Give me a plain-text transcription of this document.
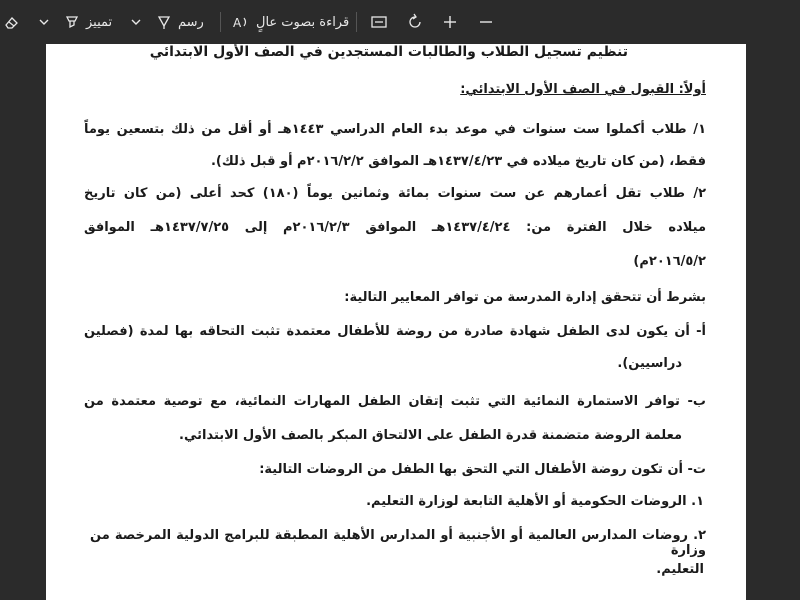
تمييز	رسم A قراءة بصوت عالٍ
تنظيم تسجيل الطلاب والطالبات المستجدين في الصف الأول الابتدائي
أولاً: القبول في الصف الأول الابتدائي:
١/ طلاب أكملوا ست سنوات في موعد بدء العام الدراسي ١٤٤٣هـ أو أقل من ذلك بتسعين يوماً
فقط، (من كان تاريخ ميلاده في ١٤٣٧/٤/٢٣هـ الموافق ٢٠١٦/٢/٢م أو قبل ذلك).
٢/ طلاب تقل أعمارهم عن ست سنوات بمائة وثمانين يوماً (١٨٠) كحد أعلى (من كان تاريخ
ميلاده خلال الفترة من: ١٤٣٧/٤/٢٤هـ الموافق ٢٠١٦/٢/٣م إلى ١٤٣٧/٧/٢٥هـ الموافق
٢٠١٦/٥/٢م)
بشرط أن تتحقق إدارة المدرسة من توافر المعايير التالية:
أ- أن يكون لدى الطفل شهادة صادرة من روضة للأطفال معتمدة تثبت التحاقه بها لمدة (فصلين
دراسيين).
ب- توافر الاستمارة النمائية التي تثبت إتقان الطفل المهارات النمائية، مع توصية معتمدة من
معلمة الروضة متضمنة قدرة الطفل على الالتحاق المبكر بالصف الأول الابتدائي.
ت- أن تكون روضة الأطفال التي التحق بها الطفل من الروضات التالية:
١. الروضات الحكومية أو الأهلية التابعة لوزارة التعليم.
٢. روضات المدارس العالمية أو الأجنبية أو المدارس الأهلية المطبقة للبرامج الدولية المرخصة من وزارة
التعليم.
